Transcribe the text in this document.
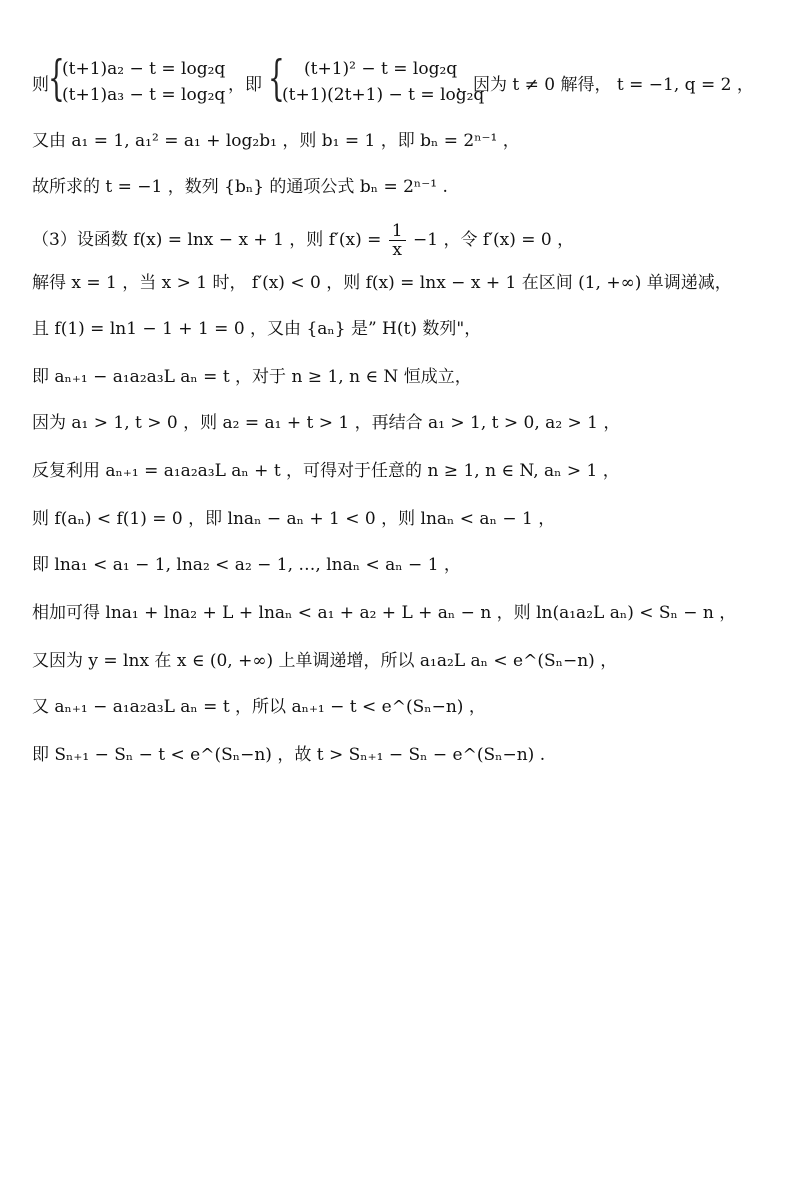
则 {
(t+1)a₂ − t = log₂q
(t+1)a₃ − t = log₂q ，即 { (t+1)² − t = log₂q
(t+1)(2t+1) − t = log₂q
，因为 t ≠ 0 解得， t = −1, q = 2 ，
又由 a₁ = 1, a₁² = a₁ + log₂b₁ ，则 b₁ = 1 ，即 bₙ = 2ⁿ⁻¹ ，
故所求的 t = −1 ，数列 {bₙ} 的通项公式 bₙ = 2ⁿ⁻¹ .
（3）设函数 f(x) = lnx − x + 1 ，则 $f'(x) = \frac{1}{x} -1$ ，令 f′(x) = 0 ，
解得 x = 1 ，当 x > 1 时， f′(x) < 0 ，则 f(x) = lnx − x + 1 在区间 (1, +∞) 单调递减，
且 f(1) = ln1 − 1 + 1 = 0 ，又由 {aₙ} 是” H(t) 数列"，
即 aₙ₊₁ − a₁a₂a₃L aₙ = t ，对于 n ≥ 1, n ∈ N 恒成立，
因为 a₁ > 1, t > 0 ，则 a₂ = a₁ + t > 1 ，再结合 a₁ > 1, t > 0, a₂ > 1 ，
反复利用 aₙ₊₁ = a₁a₂a₃L aₙ + t ，可得对于任意的 n ≥ 1, n ∈ N, aₙ > 1 ，
则 f(aₙ) < f(1) = 0 ，即 lnaₙ − aₙ + 1 < 0 ，则 lnaₙ < aₙ − 1 ，
即 lna₁ < a₁ − 1, lna₂ < a₂ − 1, …, lnaₙ < aₙ − 1 ，
相加可得 lna₁ + lna₂ + L + lnaₙ < a₁ + a₂ + L + aₙ − n ，则 ln(a₁a₂L aₙ) < Sₙ − n ，
又因为 y = lnx 在 x ∈ (0, +∞) 上单调递增，所以 a₁a₂L aₙ < e^(Sₙ−n) ，
又 aₙ₊₁ − a₁a₂a₃L aₙ = t ，所以 aₙ₊₁ − t < e^(Sₙ−n) ，
即 Sₙ₊₁ − Sₙ − t < e^(Sₙ−n) ，故 t > Sₙ₊₁ − Sₙ − e^(Sₙ−n) .
